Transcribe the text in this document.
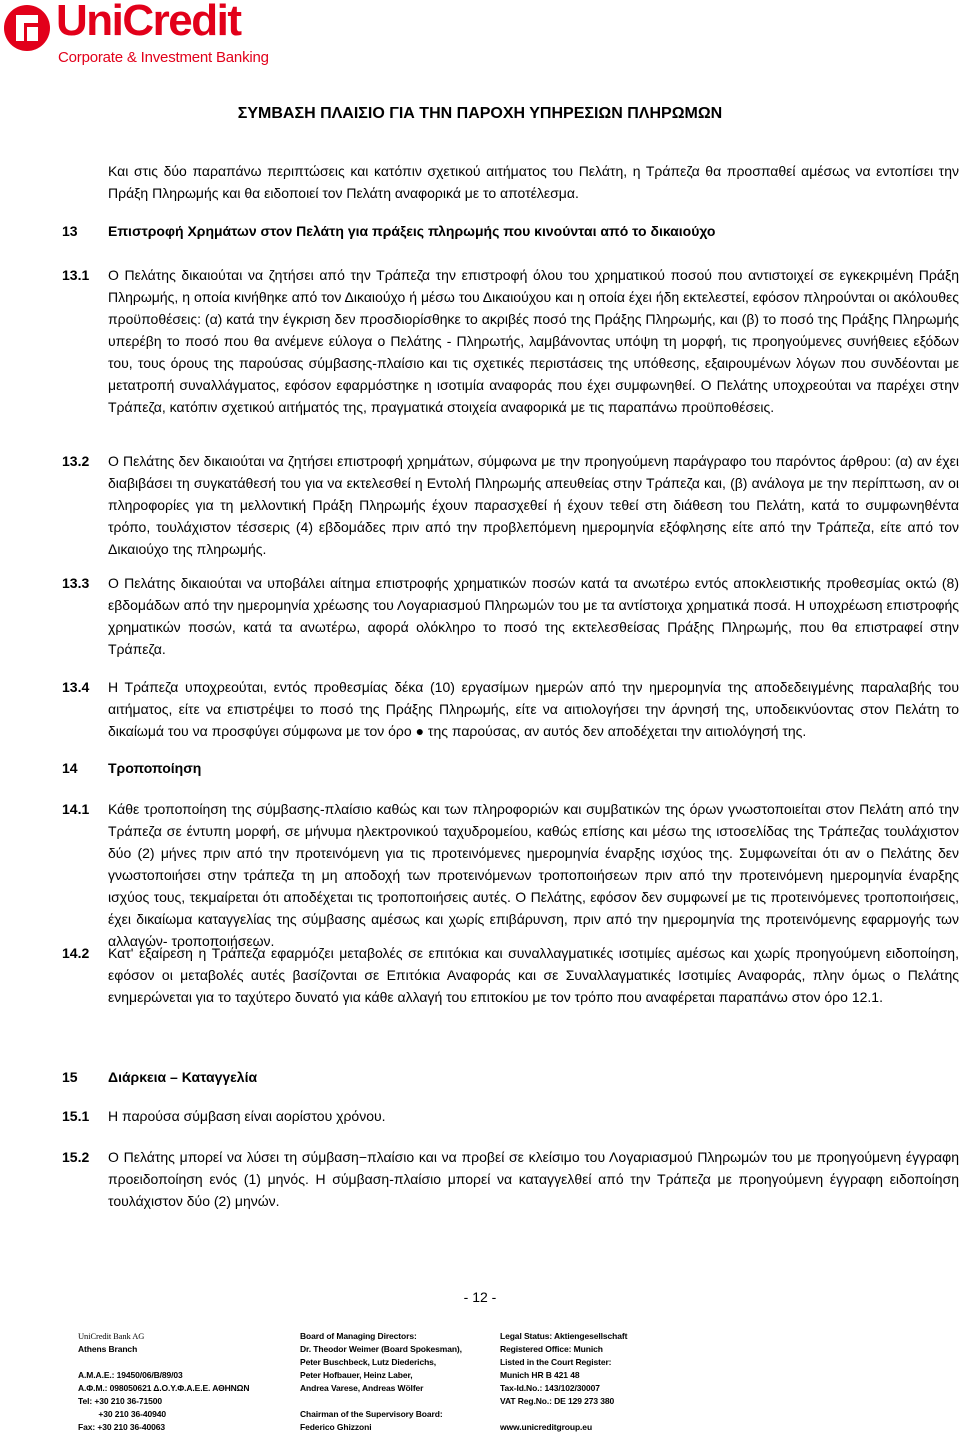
UniCredit
Corporate & Investment Banking
ΣΥΜΒΑΣΗ ΠΛΑΙΣΙΟ ΓΙΑ ΤΗΝ ΠΑΡΟΧΗ ΥΠΗΡΕΣΙΩΝ ΠΛΗΡΩΜΩΝ

Και στις δύο παραπάνω περιπτώσεις και κατόπιν σχετικού αιτήματος του Πελάτη, η Τράπεζα θα προσπαθεί αμέσως να εντοπίσει την Πράξη Πληρωμής και θα ειδοποιεί τον Πελάτη αναφορικά με το αποτέλεσμα.

13 Επιστροφή Χρημάτων στον Πελάτη για πράξεις πληρωμής που κινούνται από το δικαιούχο

13.1 Ο Πελάτης δικαιούται να ζητήσει από την Τράπεζα την επιστροφή όλου του χρηματικού ποσού που αντιστοιχεί σε εγκεκριμένη Πράξη Πληρωμής, η οποία κινήθηκε από τον Δικαιούχο ή μέσω του Δικαιούχου και η οποία έχει ήδη εκτελεστεί, εφόσον πληρούνται οι ακόλουθες προϋποθέσεις: (α) κατά την έγκριση δεν προσδιορίσθηκε το ακριβές ποσό της Πράξης Πληρωμής, και (β) το ποσό της Πράξης Πληρωμής υπερέβη το ποσό που θα ανέμενε εύλογα ο Πελάτης - Πληρωτής, λαμβάνοντας υπόψη τη μορφή, τις προηγούμενες συνήθειες εξόδων του, τους όρους της παρούσας σύμβασης-πλαίσιο και τις σχετικές περιστάσεις της υπόθεσης, εξαιρουμένων λόγων που συνδέονται με μετατροπή συναλλάγματος, εφόσον εφαρμόστηκε η ισοτιμία αναφοράς που έχει συμφωνηθεί. Ο Πελάτης υποχρεούται να παρέχει στην Τράπεζα, κατόπιν σχετικού αιτήματός της, πραγματικά στοιχεία αναφορικά με τις παραπάνω προϋποθέσεις.

13.2 Ο Πελάτης δεν δικαιούται να ζητήσει επιστροφή χρημάτων, σύμφωνα με την προηγούμενη παράγραφο του παρόντος άρθρου: (α) αν έχει διαβιβάσει τη συγκατάθεσή του για να εκτελεσθεί η Εντολή Πληρωμής απευθείας στην Τράπεζα και, (β) ανάλογα με την περίπτωση, αν οι πληροφορίες για τη μελλοντική Πράξη Πληρωμής έχουν παρασχεθεί ή έχουν τεθεί στη διάθεση του Πελάτη, κατά το συμφωνηθέντα τρόπο, τουλάχιστον τέσσερις (4) εβδομάδες πριν από την προβλεπόμενη ημερομηνία εξόφλησης είτε από την Τράπεζα, είτε από τον Δικαιούχο της πληρωμής.

13.3 Ο Πελάτης δικαιούται να υποβάλει αίτημα επιστροφής χρηματικών ποσών κατά τα ανωτέρω εντός αποκλειστικής προθεσμίας οκτώ (8) εβδομάδων από την ημερομηνία χρέωσης του Λογαριασμού Πληρωμών του με τα αντίστοιχα χρηματικά ποσά. Η υποχρέωση επιστροφής χρηματικών ποσών, κατά τα ανωτέρω, αφορά ολόκληρο το ποσό της εκτελεσθείσας Πράξης Πληρωμής, που θα επιστραφεί στην Τράπεζα.

13.4 Η Τράπεζα υποχρεούται, εντός προθεσμίας δέκα (10) εργασίμων ημερών από την ημερομηνία της αποδεδειγμένης παραλαβής του αιτήματος, είτε να επιστρέψει το ποσό της Πράξης Πληρωμής, είτε να αιτιολογήσει την άρνησή της, υποδεικνύοντας στον Πελάτη το δικαίωμά του να προσφύγει σύμφωνα με τον όρο ● της παρούσας, αν αυτός δεν αποδέχεται την αιτιολόγησή της.

14 Τροποποίηση

14.1 Κάθε τροποποίηση της σύμβασης-πλαίσιο καθώς και των πληροφοριών και συμβατικών της όρων γνωστοποιείται στον Πελάτη από την Τράπεζα σε έντυπη μορφή, σε μήνυμα ηλεκτρονικού ταχυδρομείου, καθώς επίσης και μέσω της ιστοσελίδας της Τράπεζας τουλάχιστον δύο (2) μήνες πριν από την προτεινόμενη για τις προτεινόμενες ημερομηνία έναρξης ισχύος της. Συμφωνείται ότι αν ο Πελάτης δεν γνωστοποιήσει στην τράπεζα τη μη αποδοχή των προτεινόμενων τροποποιήσεων πριν από την προτεινόμενη ημερομηνία έναρξης ισχύος τους, τεκμαίρεται ότι αποδέχεται τις τροποποιήσεις αυτές. Ο Πελάτης, εφόσον δεν συμφωνεί με τις προτεινόμενες τροποποιήσεις, έχει δικαίωμα καταγγελίας της σύμβασης αμέσως και χωρίς επιβάρυνση, πριν από την ημερομηνία της προτεινόμενης εφαρμογής των αλλαγών- τροποποιήσεων.

14.2 Κατ' εξαίρεση η Τράπεζα εφαρμόζει μεταβολές σε επιτόκια και συναλλαγματικές ισοτιμίες αμέσως και χωρίς προηγούμενη ειδοποίηση, εφόσον οι μεταβολές αυτές βασίζονται σε Επιτόκια Αναφοράς και σε Συναλλαγματικές Ισοτιμίες Αναφοράς, πλην όμως ο Πελάτης ενημερώνεται για το ταχύτερο δυνατό για κάθε αλλαγή του επιτοκίου με τον τρόπο που αναφέρεται παραπάνω στον όρο 12.1.

15 Διάρκεια – Καταγγελία

15.1 Η παρούσα σύμβαση είναι αορίστου χρόνου.

15.2 Ο Πελάτης μπορεί να λύσει τη σύμβαση−πλαίσιο και να προβεί σε κλείσιμο του Λογαριασμού Πληρωμών του με προηγούμενη έγγραφη προειδοποίηση ενός (1) μηνός. Η σύμβαση-πλαίσιο μπορεί να καταγγελθεί από την Τράπεζα με προηγούμενη έγγραφη ειδοποίηση τουλάχιστον δύο (2) μηνών.

- 12 -

UniCredit Bank AG
Athens Branch

Α.Μ.Α.Ε.: 19450/06/Β/89/03
Α.Φ.Μ.: 098050621 Δ.Ο.Υ.Φ.Α.Ε.Ε. ΑΘΗΝΩΝ
Tel: +30 210 36-71500
+30 210 36-40940
Fax: +30 210 36-40063
Board of Managing Directors:
Dr. Theodor Weimer (Board Spokesman),
Peter Buschbeck, Lutz Diederichs,
Peter Hofbauer, Heinz Laber,
Andrea Varese, Andreas Wölfer

Chairman of the Supervisory Board:
Federico Ghizzoni
Legal Status: Aktiengesellschaft
Registered Office: Munich
Listed in the Court Register:
Munich HR B 421 48
Tax-Id.No.: 143/102/30007
VAT Reg.No.: DE 129 273 380

www.unicreditgroup.eu
